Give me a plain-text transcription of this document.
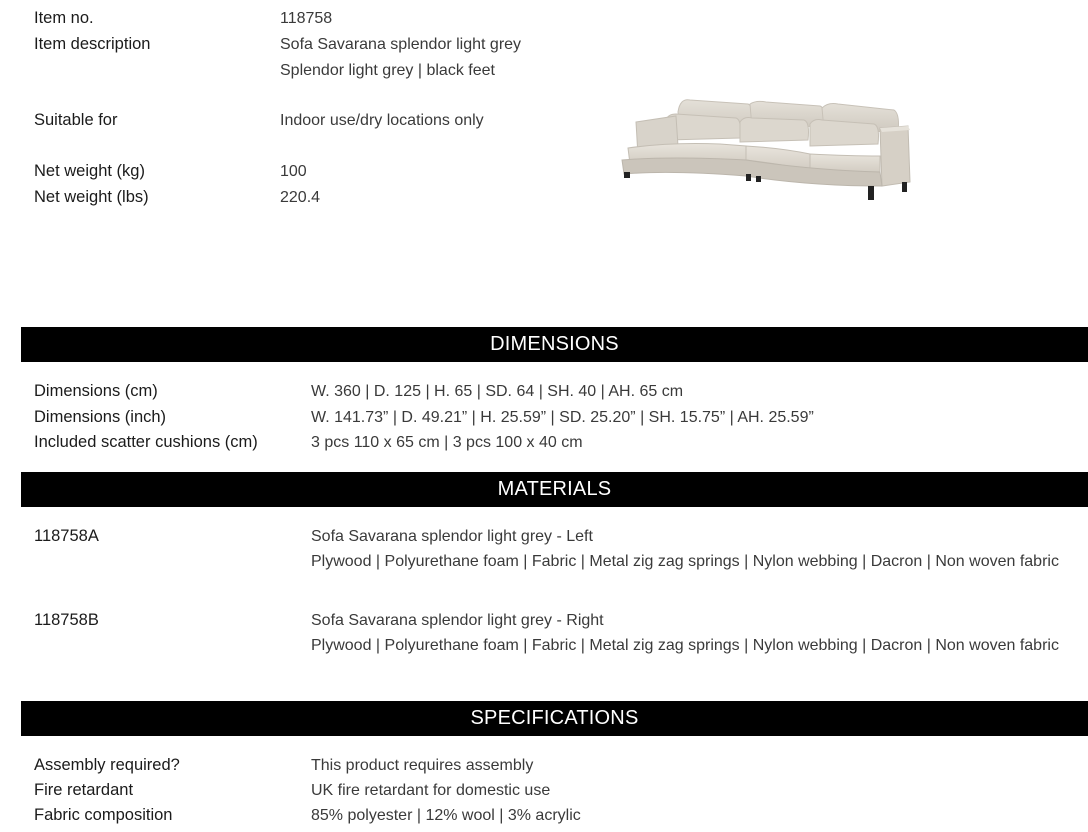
Item no.	118758
Item description	Sofa Savarana splendor light grey
Splendor light grey | black feet
Suitable for	Indoor use/dry locations only
Net weight (kg)	100
Net weight (lbs)	220.4
DIMENSIONS
Dimensions (cm)	W. 360 | D. 125 | H. 65 | SD. 64 | SH. 40 | AH. 65 cm
Dimensions (inch)	W. 141.73” | D. 49.21” | H. 25.59” | SD. 25.20” | SH. 15.75” | AH. 25.59”
Included scatter cushions (cm)	3 pcs 110 x 65 cm | 3 pcs 100 x 40 cm
MATERIALS
118758A	Sofa Savarana splendor light grey - Left
Plywood | Polyurethane foam | Fabric | Metal zig zag springs | Nylon webbing | Dacron | Non woven fabric
118758B	Sofa Savarana splendor light grey - Right
Plywood | Polyurethane foam | Fabric | Metal zig zag springs | Nylon webbing | Dacron | Non woven fabric
SPECIFICATIONS
Assembly required?	This product requires assembly
Fire retardant	UK fire retardant for domestic use
Fabric composition	85% polyester | 12% wool | 3% acrylic
